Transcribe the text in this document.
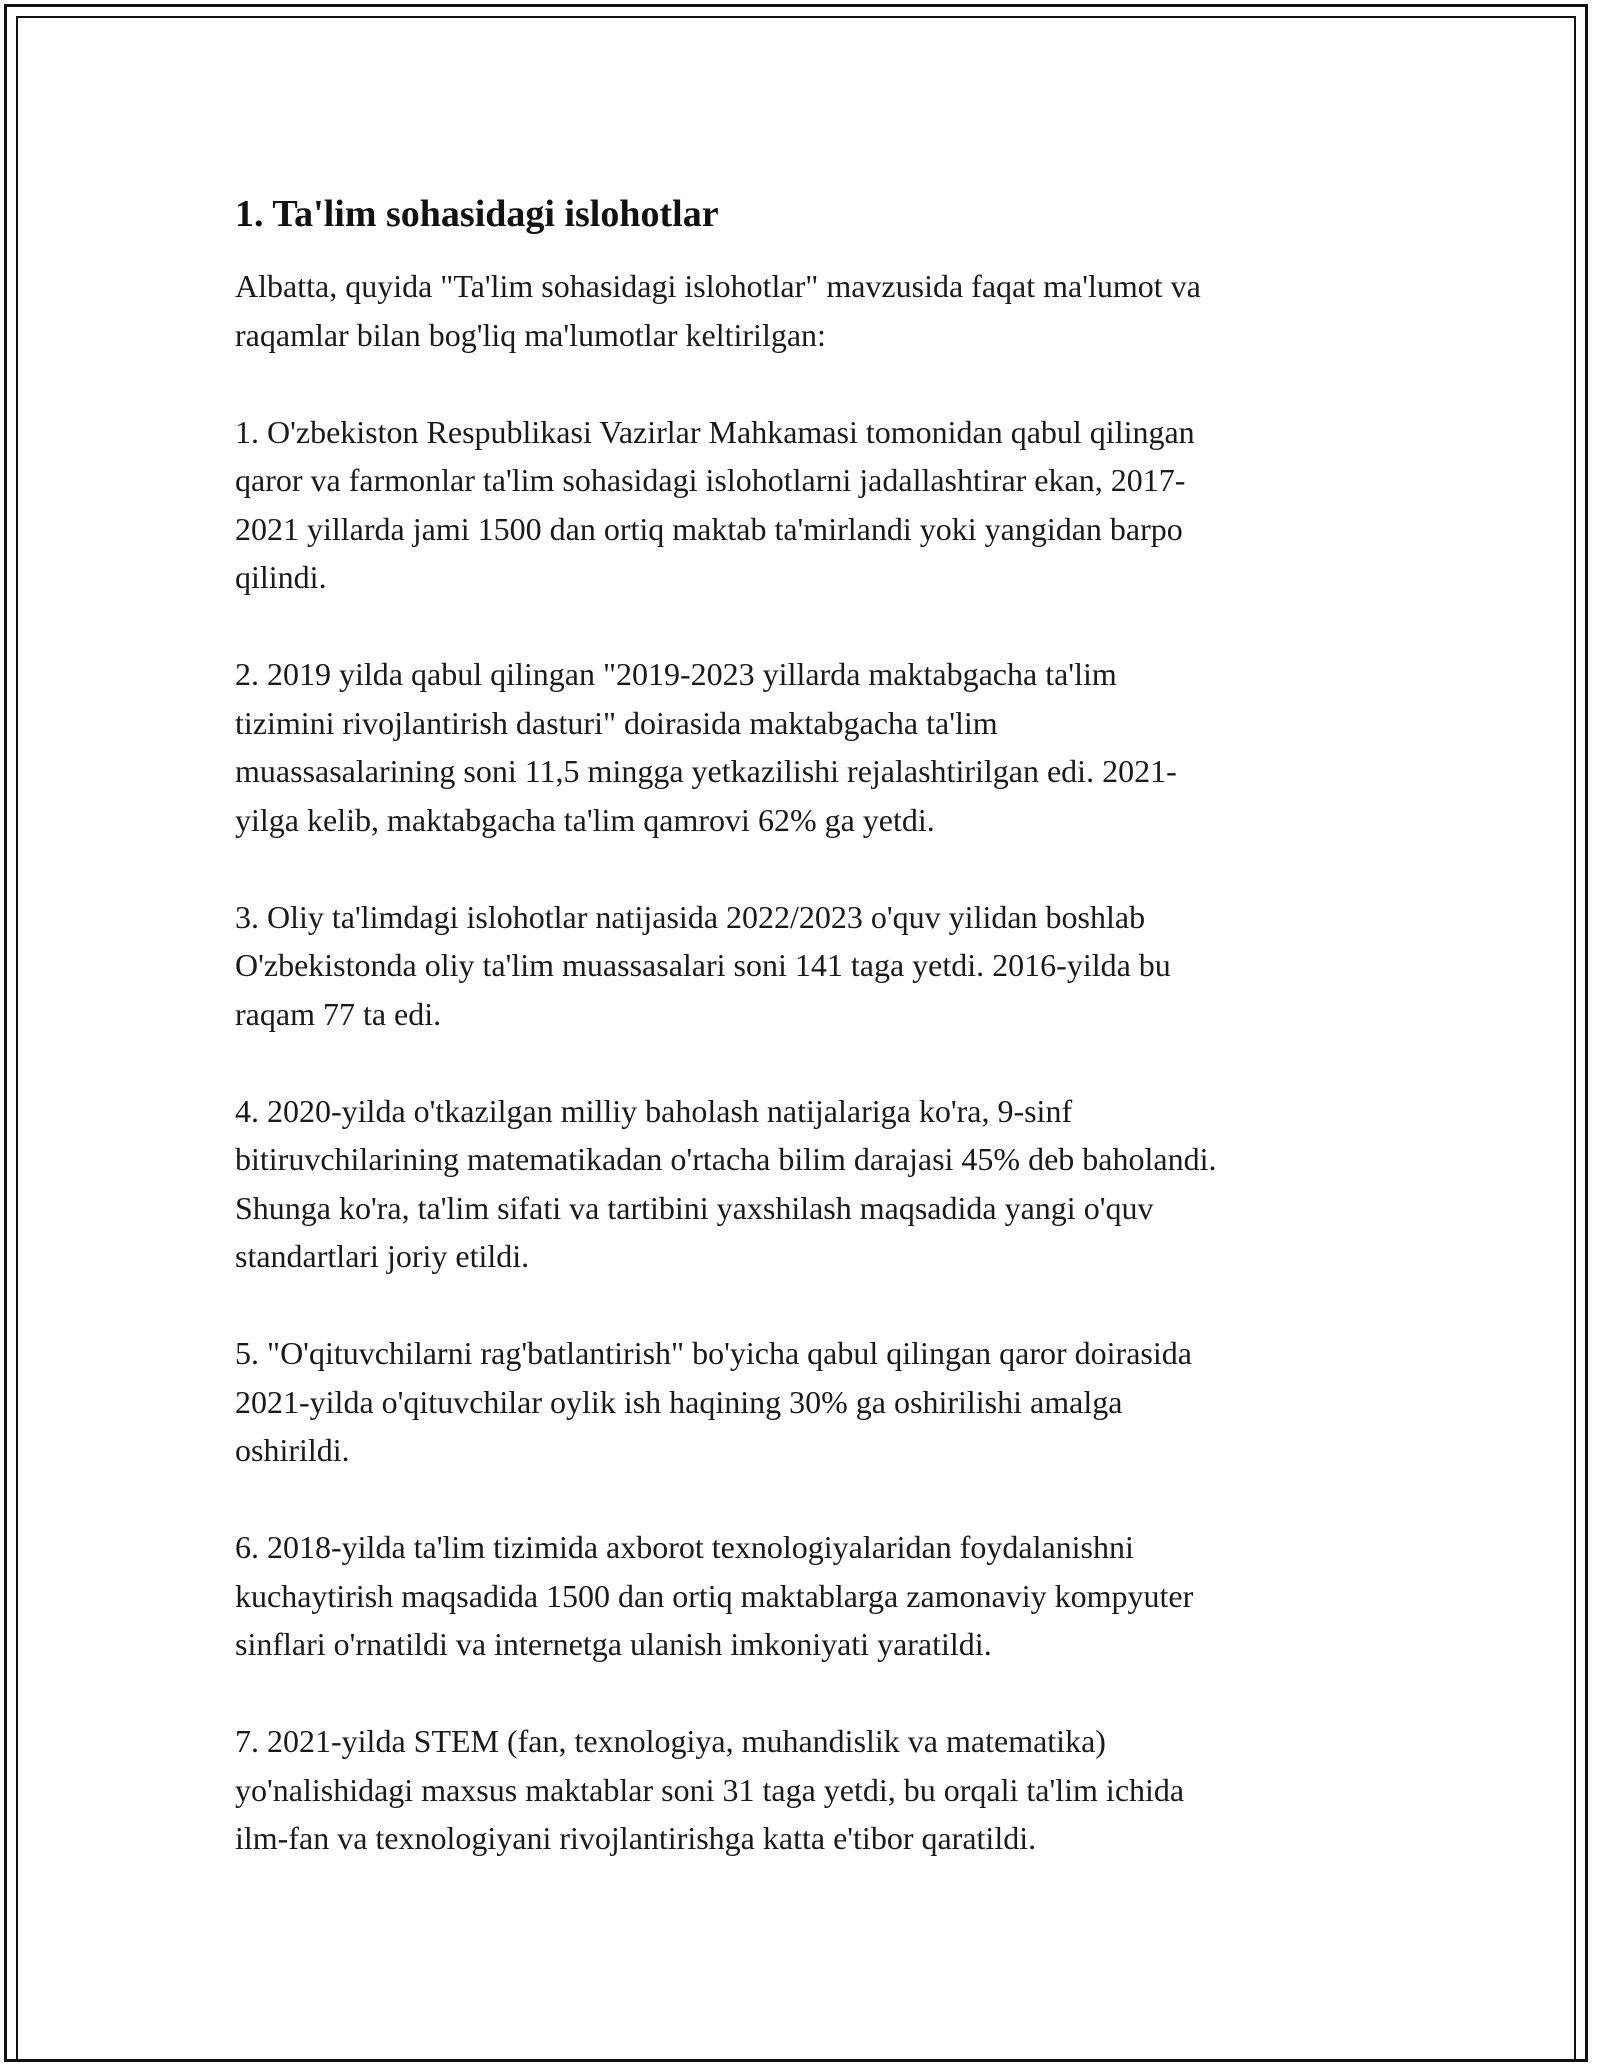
1. Ta'lim sohasidagi islohotlar

Albatta, quyida "Ta'lim sohasidagi islohotlar" mavzusida faqat ma'lumot va
raqamlar bilan bog'liq ma'lumotlar keltirilgan:

1. O'zbekiston Respublikasi Vazirlar Mahkamasi tomonidan qabul qilingan
qaror va farmonlar ta'lim sohasidagi islohotlarni jadallashtirar ekan, 2017-
2021 yillarda jami 1500 dan ortiq maktab ta'mirlandi yoki yangidan barpo
qilindi.

2. 2019 yilda qabul qilingan "2019-2023 yillarda maktabgacha ta'lim
tizimini rivojlantirish dasturi" doirasida maktabgacha ta'lim
muassasalarining soni 11,5 mingga yetkazilishi rejalashtirilgan edi. 2021-
yilga kelib, maktabgacha ta'lim qamrovi 62% ga yetdi.

3. Oliy ta'limdagi islohotlar natijasida 2022/2023 o'quv yilidan boshlab
O'zbekistonda oliy ta'lim muassasalari soni 141 taga yetdi. 2016-yilda bu
raqam 77 ta edi.

4. 2020-yilda o'tkazilgan milliy baholash natijalariga ko'ra, 9-sinf
bitiruvchilarining matematikadan o'rtacha bilim darajasi 45% deb baholandi.
Shunga ko'ra, ta'lim sifati va tartibini yaxshilash maqsadida yangi o'quv
standartlari joriy etildi.

5. "O'qituvchilarni rag'batlantirish" bo'yicha qabul qilingan qaror doirasida
2021-yilda o'qituvchilar oylik ish haqining 30% ga oshirilishi amalga
oshirildi.

6. 2018-yilda ta'lim tizimida axborot texnologiyalaridan foydalanishni
kuchaytirish maqsadida 1500 dan ortiq maktablarga zamonaviy kompyuter
sinflari o'rnatildi va internetga ulanish imkoniyati yaratildi.

7. 2021-yilda STEM (fan, texnologiya, muhandislik va matematika)
yo'nalishidagi maxsus maktablar soni 31 taga yetdi, bu orqali ta'lim ichida
ilm-fan va texnologiyani rivojlantirishga katta e'tibor qaratildi.
